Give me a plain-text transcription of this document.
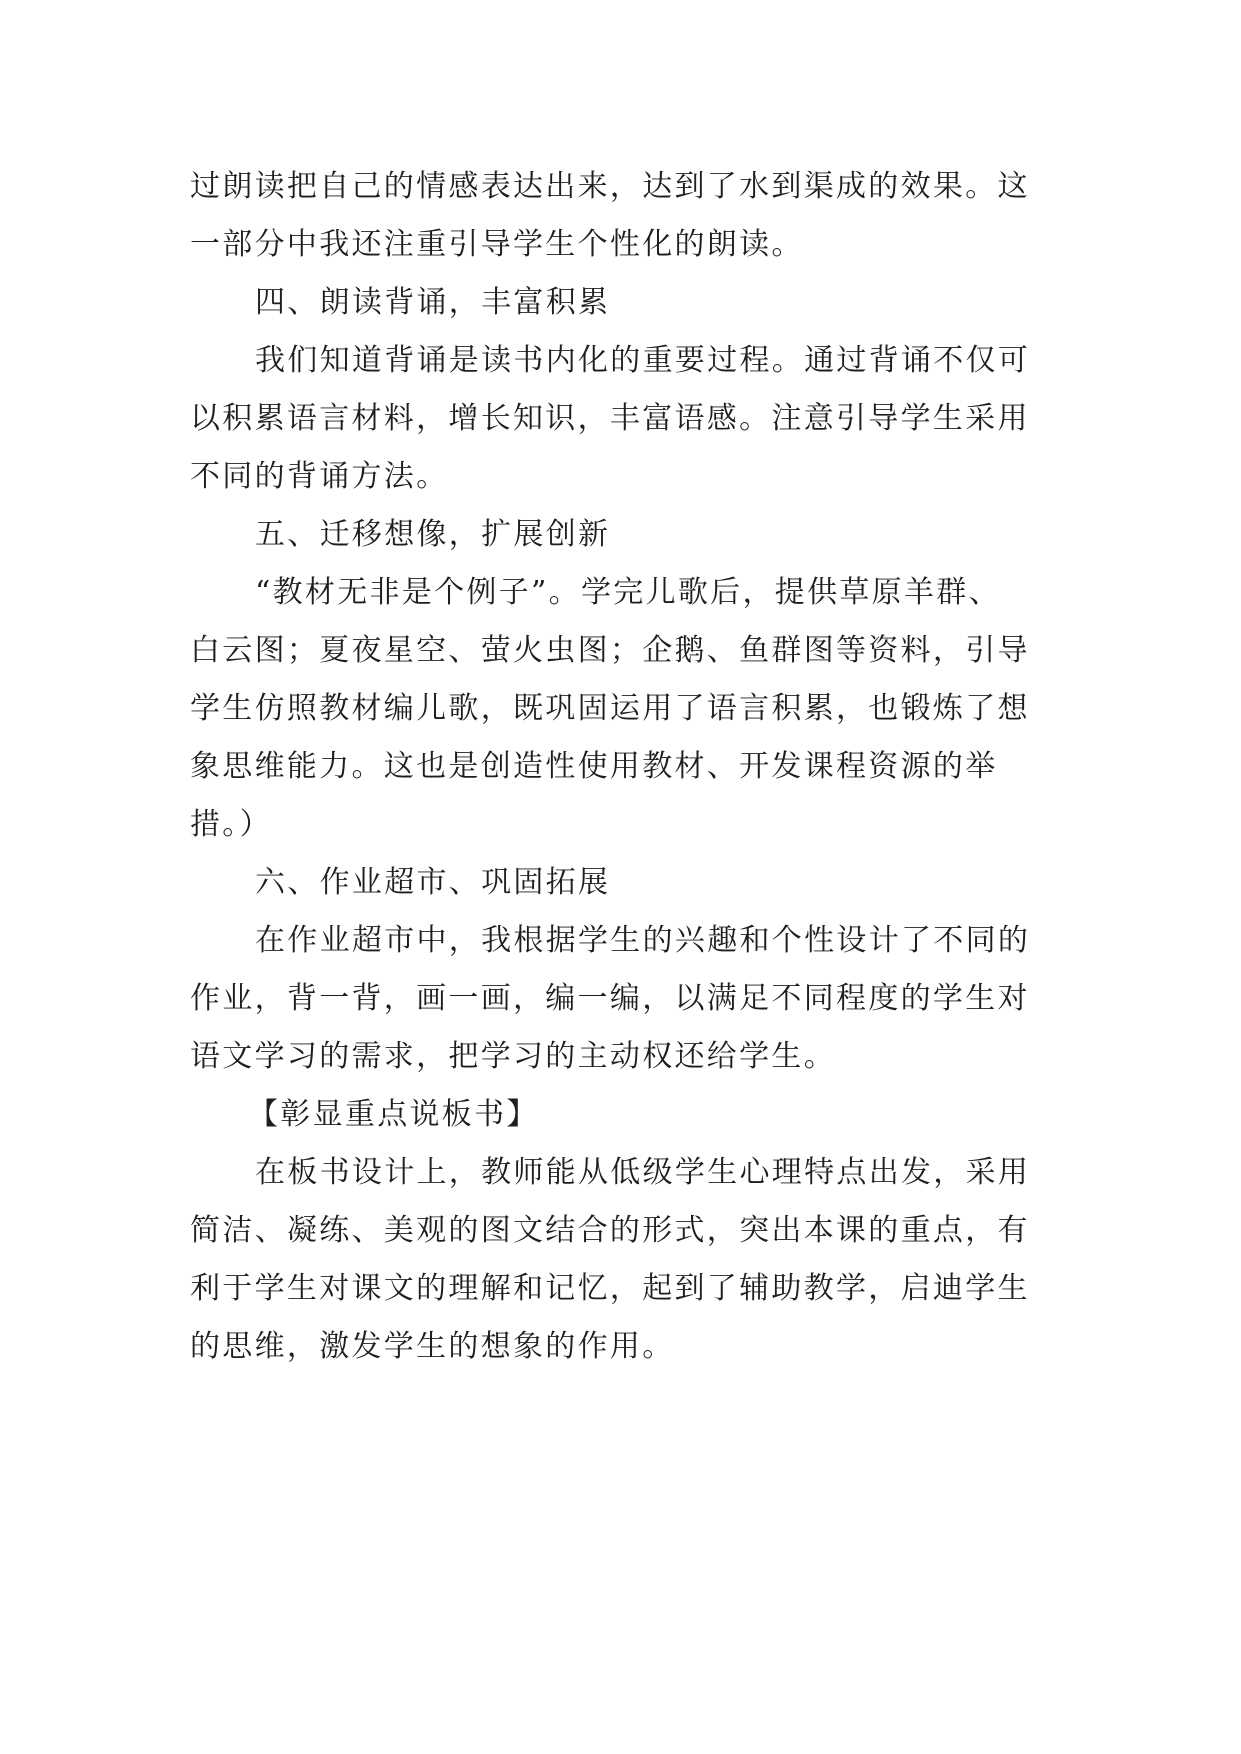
过朗读把自己的情感表达出来，达到了水到渠成的效果。这
一部分中我还注重引导学生个性化的朗读。
四、朗读背诵，丰富积累
我们知道背诵是读书内化的重要过程。通过背诵不仅可
以积累语言材料，增长知识，丰富语感。注意引导学生采用
不同的背诵方法。
五、迁移想像，扩展创新
“教材无非是个例子”。学完儿歌后，提供草原羊群、
白云图；夏夜星空、萤火虫图；企鹅、鱼群图等资料，引导
学生仿照教材编儿歌，既巩固运用了语言积累，也锻炼了想
象思维能力。这也是创造性使用教材、开发课程资源的举
措。）
六、作业超市、巩固拓展
在作业超市中，我根据学生的兴趣和个性设计了不同的
作业，背一背，画一画，编一编，以满足不同程度的学生对
语文学习的需求，把学习的主动权还给学生。
【彰显重点说板书】
在板书设计上，教师能从低级学生心理特点出发，采用
简洁、凝练、美观的图文结合的形式，突出本课的重点，有
利于学生对课文的理解和记忆，起到了辅助教学，启迪学生
的思维，激发学生的想象的作用。
